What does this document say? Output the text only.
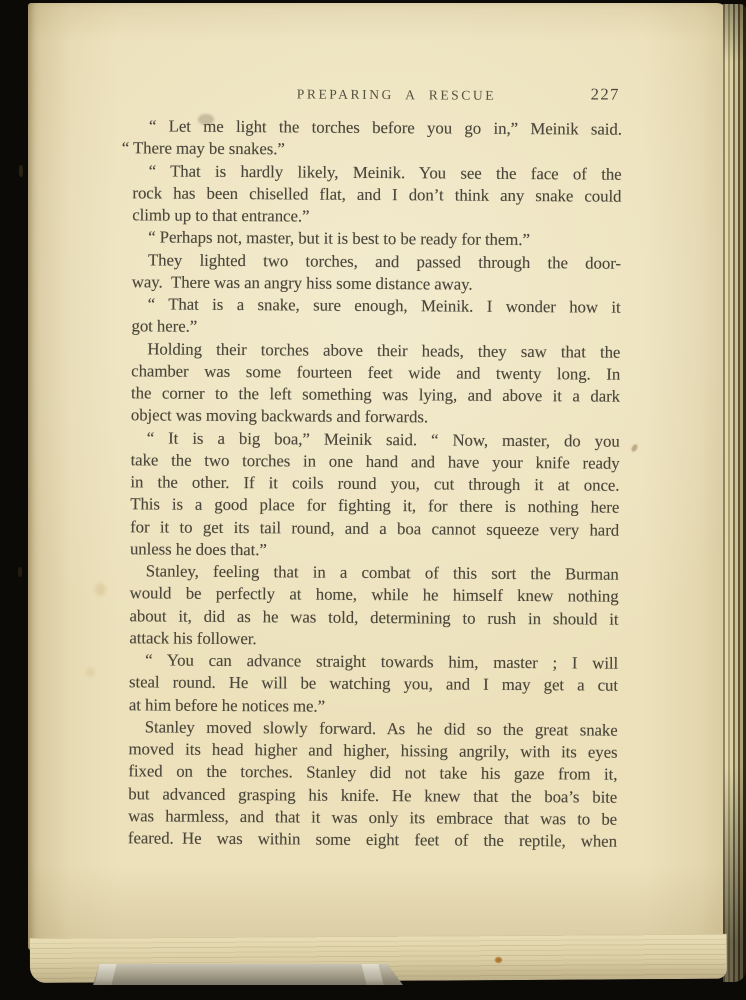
PREPARING A RESCUE	227
“ Let me light the torches before you go in,” Meinik said.
“ There may be snakes.”
“ That is hardly likely, Meinik. You see the face of the
rock has been chiselled flat, and I don’t think any snake could
climb up to that entrance.”
“ Perhaps not, master, but it is best to be ready for them.”
They lighted two torches, and passed through the door-
way. There was an angry hiss some distance away.
“ That is a snake, sure enough, Meinik. I wonder how it
got here.”
Holding their torches above their heads, they saw that the
chamber was some fourteen feet wide and twenty long. In
the corner to the left something was lying, and above it a dark
object was moving backwards and forwards.
“ It is a big boa,” Meinik said. “ Now, master, do you
take the two torches in one hand and have your knife ready
in the other. If it coils round you, cut through it at once.
This is a good place for fighting it, for there is nothing here
for it to get its tail round, and a boa cannot squeeze very hard
unless he does that.”
Stanley, feeling that in a combat of this sort the Burman
would be perfectly at home, while he himself knew nothing
about it, did as he was told, determining to rush in should it
attack his follower.
“ You can advance straight towards him, master ; I will
steal round. He will be watching you, and I may get a cut
at him before he notices me.”
Stanley moved slowly forward. As he did so the great snake
moved its head higher and higher, hissing angrily, with its eyes
fixed on the torches. Stanley did not take his gaze from it,
but advanced grasping his knife. He knew that the boa’s bite
was harmless, and that it was only its embrace that was to be
feared. He was within some eight feet of the reptile, when
